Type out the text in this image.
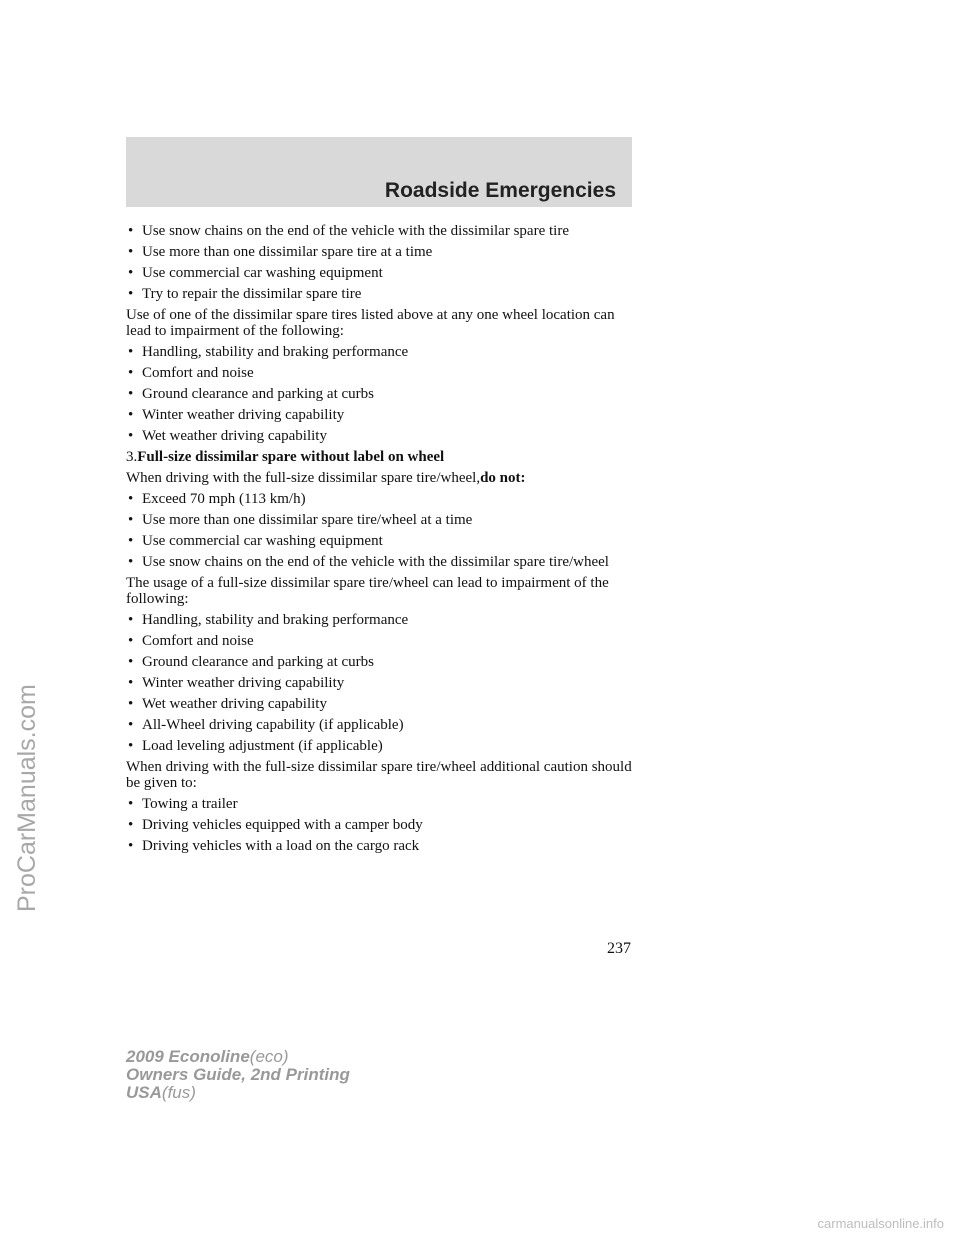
Roadside Emergencies
• Use snow chains on the end of the vehicle with the dissimilar spare tire
• Use more than one dissimilar spare tire at a time
• Use commercial car washing equipment
• Try to repair the dissimilar spare tire
Use of one of the dissimilar spare tires listed above at any one wheel location can lead to impairment of the following:
• Handling, stability and braking performance
• Comfort and noise
• Ground clearance and parking at curbs
• Winter weather driving capability
• Wet weather driving capability
3.Full-size dissimilar spare without label on wheel
When driving with the full-size dissimilar spare tire/wheel,do not:
• Exceed 70 mph (113 km/h)
• Use more than one dissimilar spare tire/wheel at a time
• Use commercial car washing equipment
• Use snow chains on the end of the vehicle with the dissimilar spare tire/wheel
The usage of a full-size dissimilar spare tire/wheel can lead to impairment of the following:
• Handling, stability and braking performance
• Comfort and noise
• Ground clearance and parking at curbs
• Winter weather driving capability
• Wet weather driving capability
• All-Wheel driving capability (if applicable)
• Load leveling adjustment (if applicable)
When driving with the full-size dissimilar spare tire/wheel additional caution should be given to:
• Towing a trailer
• Driving vehicles equipped with a camper body
• Driving vehicles with a load on the cargo rack
237
2009 Econoline(eco)
Owners Guide, 2nd Printing
USA(fus)
ProCarManuals.com
carmanualsonline.info
